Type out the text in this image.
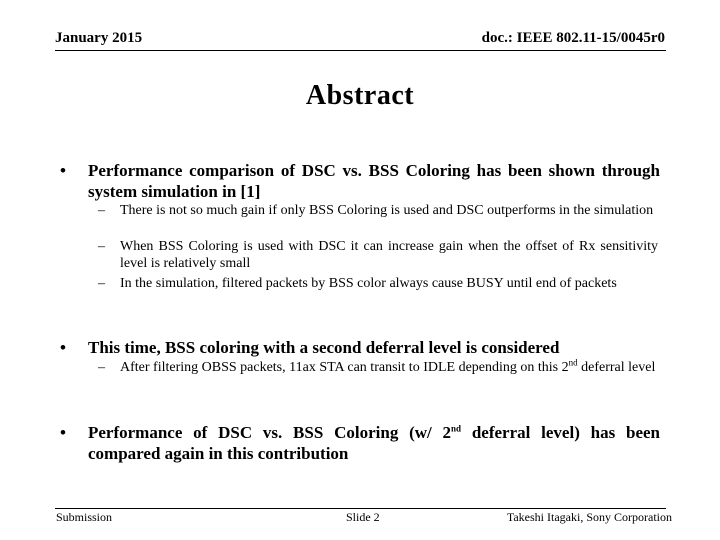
January 2015	doc.: IEEE 802.11-15/0045r0
Abstract
• Performance comparison of DSC vs. BSS Coloring has been shown through system simulation in [1]
– There is not so much gain if only BSS Coloring is used and DSC outperforms in the simulation
– When BSS Coloring is used with DSC it can increase gain when the offset of Rx sensitivity level is relatively small
– In the simulation, filtered packets by BSS color always cause BUSY until end of packets
• This time, BSS coloring with a second deferral level is considered
– After filtering OBSS packets, 11ax STA can transit to IDLE depending on this 2nd deferral level
• Performance of DSC vs. BSS Coloring (w/ 2nd deferral level) has been compared again in this contribution
Submission	Slide 2	Takeshi Itagaki, Sony Corporation
